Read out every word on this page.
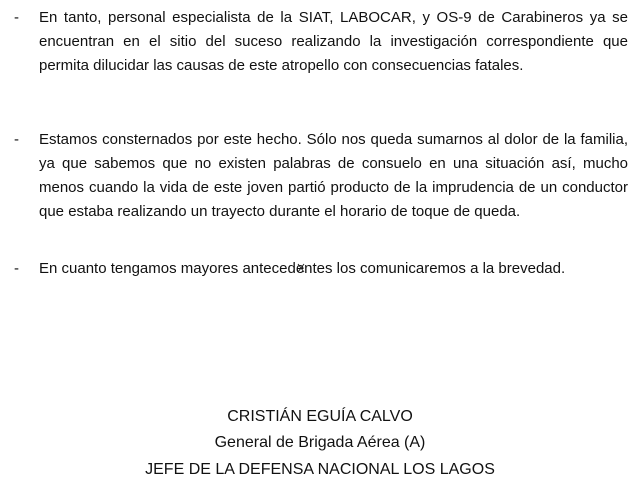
- En tanto, personal especialista de la SIAT, LABOCAR, y OS-9 de Carabineros ya se encuentran en el sitio del suceso realizando la investigación correspondiente que permita dilucidar las causas de este atropello con consecuencias fatales.

- Estamos consternados por este hecho. Sólo nos queda sumarnos al dolor de la familia, ya que sabemos que no existen palabras de consuelo en una situación así, mucho menos cuando la vida de este joven partió producto de la imprudencia de un conductor que estaba realizando un trayecto durante el horario de toque de queda.

- En cuanto tengamos mayores antecedentes los comunicaremos a la brevedad.

CRISTIÁN EGUÍA CALVO
General de Brigada Aérea (A)
JEFE DE LA DEFENSA NACIONAL LOS LAGOS
